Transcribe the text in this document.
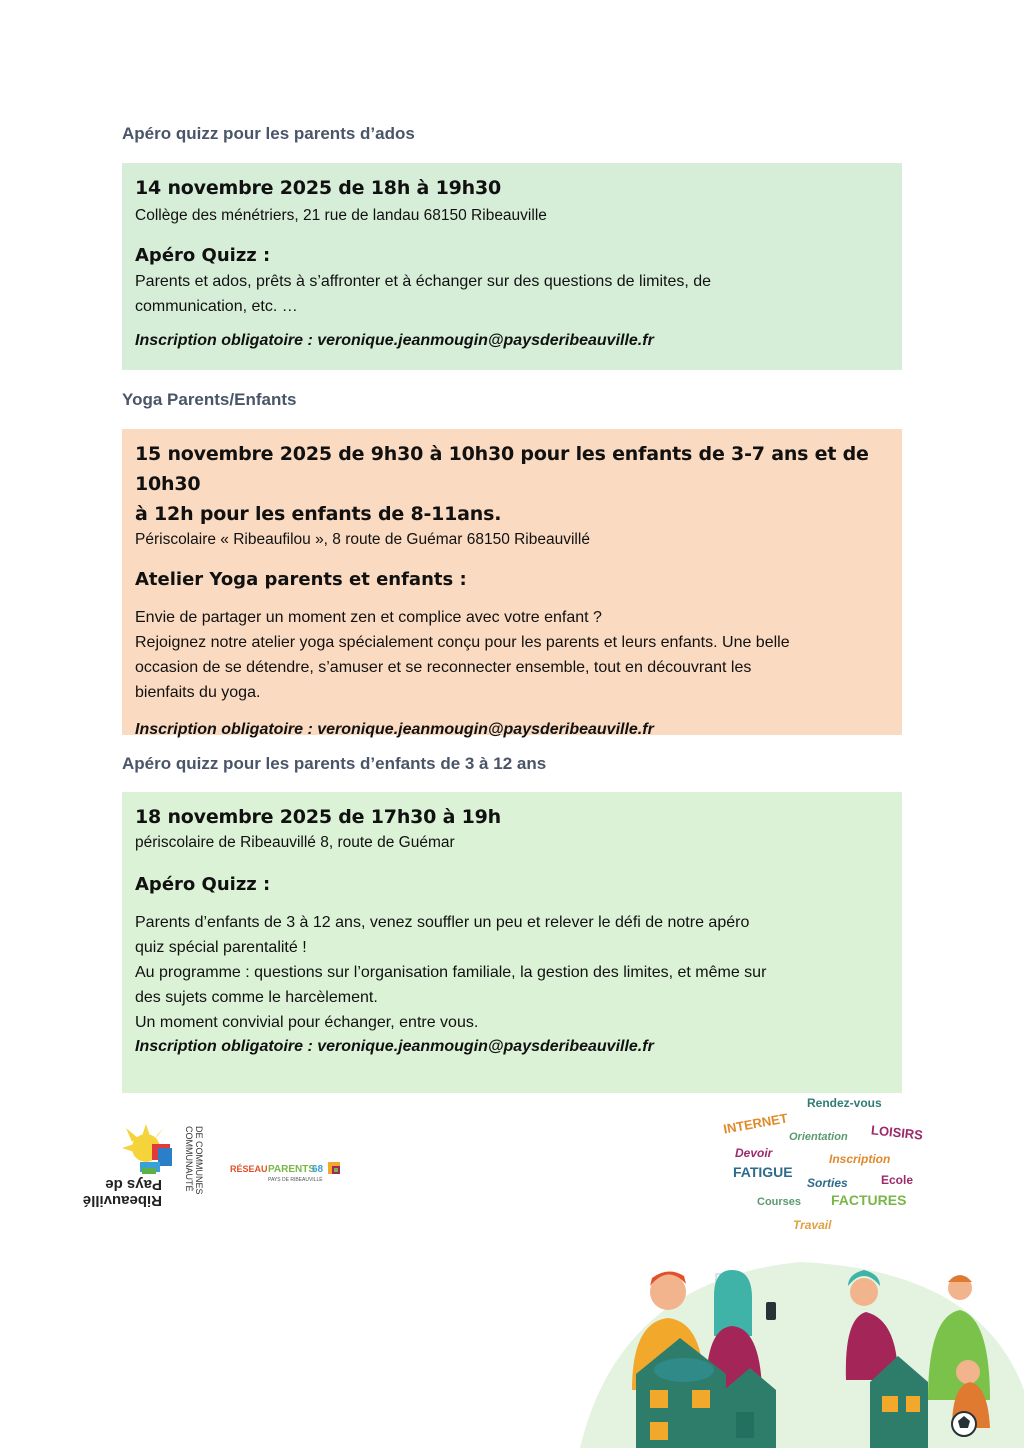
Apéro quizz pour les parents d’ados

14 novembre 2025 de 18h à 19h30

Collège des ménétriers, 21 rue de landau 68150 Ribeauville

Apéro Quizz :

Parents et ados, prêts à s’affronter et à échanger sur des questions de limites, de

communication, etc. …

Inscription obligatoire : veronique.jeanmougin@paysderibeauville.fr

Yoga Parents/Enfants

15 novembre 2025 de 9h30 à 10h30 pour les enfants de 3-7 ans et de 10h30

à 12h pour les enfants de 8-11ans.

Périscolaire « Ribeaufilou », 8 route de Guémar 68150 Ribeauvillé

Atelier Yoga parents et enfants :

Envie de partager un moment zen et complice avec votre enfant ?

Rejoignez notre atelier yoga spécialement conçu pour les parents et leurs enfants. Une belle

occasion de se détendre, s’amuser et se reconnecter ensemble, tout en découvrant les

bienfaits du yoga.

Inscription obligatoire : veronique.jeanmougin@paysderibeauville.fr

Apéro quizz pour les parents d’enfants de 3 à 12 ans

18 novembre 2025 de 17h30 à 19h

périscolaire de Ribeauvillé 8, route de Guémar

Apéro Quizz :

Parents d’enfants de 3 à 12 ans, venez souffler un peu et relever le défi de notre apéro

quiz spécial parentalité !

Au programme : questions sur l’organisation familiale, la gestion des limites, et même sur

des sujets comme le harcèlement.

Un moment convivial pour échanger, entre vous.

Inscription obligatoire : veronique.jeanmougin@paysderibeauville.fr

Rendez-vous
INTERNET
Orientation LOISIRS
Devoir	Inscription
FATIGUE	Ecole
Sorties
Courses FACTURES
Travail
COMMUNAUTÉ DE COMMUNES
Pays de
Ribeauvillé
RÉSEAU PARENTS
68
PAYS DE RIBEAUVILLÉ
